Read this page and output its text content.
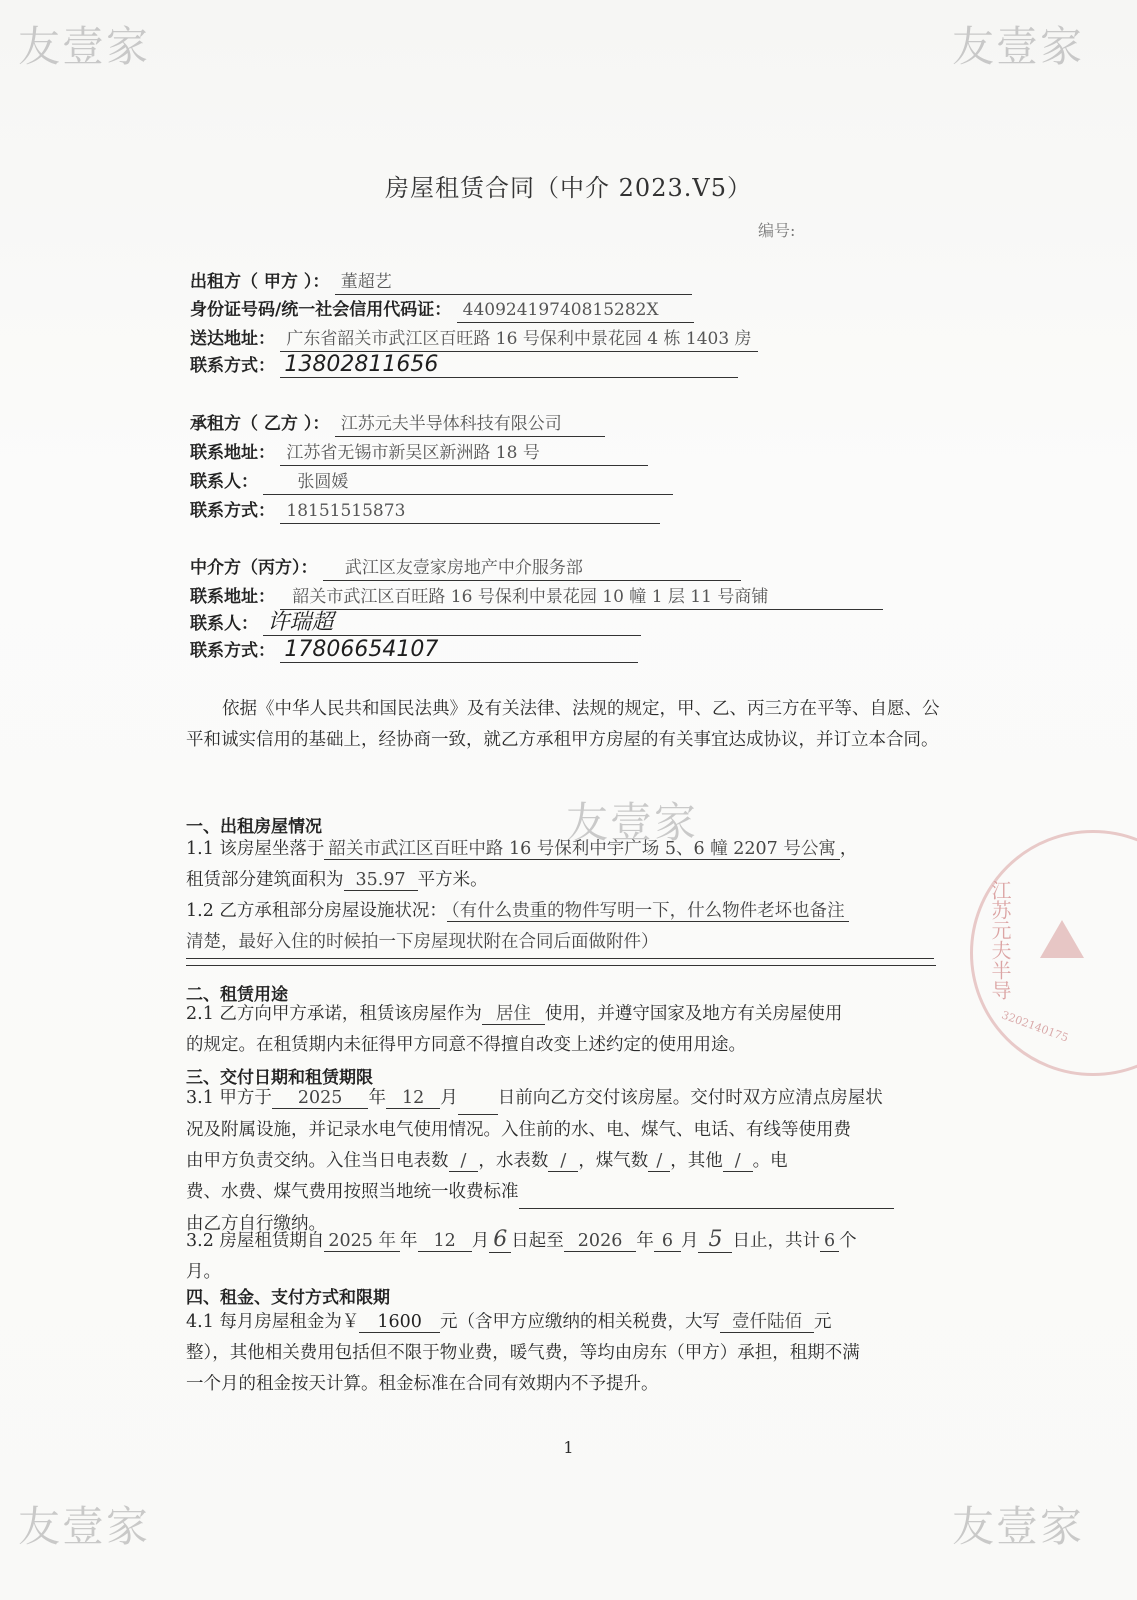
友壹家	友壹家
友壹家	友壹家
友壹家
江苏元夫半导
3202140175
房屋租赁合同（中介 2023.V5）
编号:
出租方（ 甲方 ）： 董超艺
身份证号码/统一社会信用代码证： 44092419740815282X
送达地址： 广东省韶关市武江区百旺路 16 号保利中景花园 4 栋 1403 房
联系方式： 13802811656
承租方（ 乙方 ）： 江苏元夫半导体科技有限公司
联系地址： 江苏省无锡市新吴区新洲路 18 号
联系人： 张圆媛
联系方式： 18151515873
中介方（丙方）： 武江区友壹家房地产中介服务部
联系地址： 韶关市武江区百旺路 16 号保利中景花园 10 幢 1 层 11 号商铺
联系人： 许瑞超
联系方式： 17806654107
依据《中华人民共和国民法典》及有关法律、法规的规定，甲、乙、丙三方在平等、自愿、公平和诚实信用的基础上，经协商一致，就乙方承租甲方房屋的有关事宜达成协议，并订立本合同。
一、出租房屋情况
1.1 该房屋坐落于 韶关市武江区百旺中路 16 号保利中宇广场 5、6 幢 2207 号公寓 ，
租赁部分建筑面积为 35.97 平方米。
1.2 乙方承租部分房屋设施状况： （有什么贵重的物件写明一下，什么物件老坏也备注
清楚，最好入住的时候拍一下房屋现状附在合同后面做附件）
二、租赁用途
2.1 乙方向甲方承诺，租赁该房屋作为 居住 使用，并遵守国家及地方有关房屋使用
的规定。在租赁期内未征得甲方同意不得擅自改变上述约定的使用用途。
三、交付日期和租赁期限
3.1 甲方于 2025 年 12 月 日前向乙方交付该房屋。交付时双方应清点房屋状
况及附属设施，并记录水电气使用情况。入住前的水、电、煤气、电话、有线等使用费
由甲方负责交纳。入住当日电表数 / ，水表数 / ，煤气数 / ，其他 / 。电
费、水费、煤气费用按照当地统一收费标准
由乙方自行缴纳。
3.2 房屋租赁期自 2025 年 年 12 月 6 日起至 2026 年 6 月 5 日止，共计 6 个
月。
四、租金、支付方式和限期
4.1 每月房屋租金为￥ 1600 元（含甲方应缴纳的相关税费，大写 壹仟陆佰 元
整），其他相关费用包括但不限于物业费，暖气费，等均由房东（甲方）承担，租期不满
一个月的租金按天计算。租金标准在合同有效期内不予提升。
1
